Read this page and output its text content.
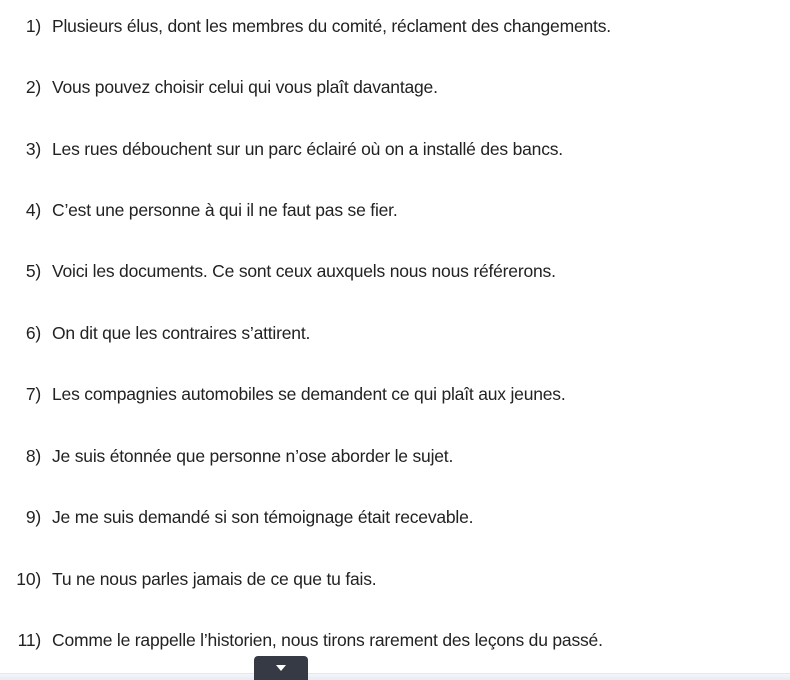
1) Plusieurs élus, dont les membres du comité, réclament des changements.
2) Vous pouvez choisir celui qui vous plaît davantage.
3) Les rues débouchent sur un parc éclairé où on a installé des bancs.
4) C’est une personne à qui il ne faut pas se fier.
5) Voici les documents. Ce sont ceux auxquels nous nous référerons.
6) On dit que les contraires s’attirent.
7) Les compagnies automobiles se demandent ce qui plaît aux jeunes.
8) Je suis étonnée que personne n’ose aborder le sujet.
9) Je me suis demandé si son témoignage était recevable.
10) Tu ne nous parles jamais de ce que tu fais.
11) Comme le rappelle l’historien, nous tirons rarement des leçons du passé.
